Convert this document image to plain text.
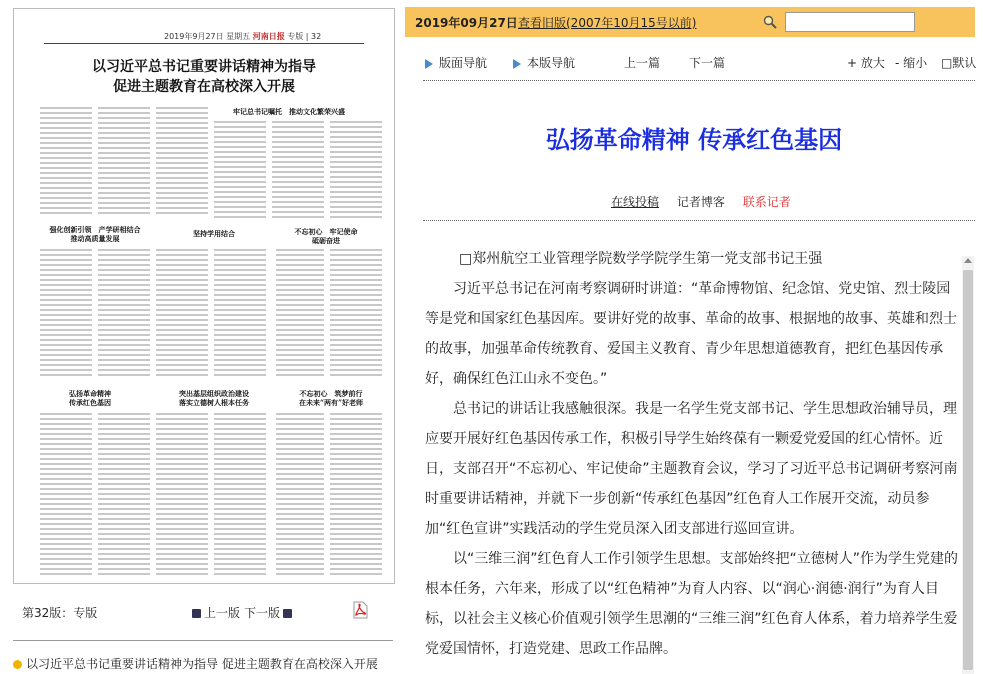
2019年9月27日 星期五 河南日报 专版 | 32
以习近平总书记重要讲话精神为指导
促进主题教育在高校深入开展
牢记总书记嘱托　推动文化繁荣兴盛
强化创新引领　产学研相结合
推动高质量发展
坚持学用结合	不忘初心　牢记使命
砥砺奋进
弘扬革命精神
传承红色基因
突出基层组织政治建设
落实立德树人根本任务
不忘初心　筑梦前行
在未来“两有”好老师
第32版：专版	上一版 下一版
以习近平总书记重要讲话精神为指导 促进主题教育在高校深入开展
2019年09月27日 查看旧版(2007年10月15号以前)
版面导航	本版导航	上一篇 下一篇	+ 放大 - 缩小 □默认
弘扬革命精神 传承红色基因
在线投稿 记者博客 联系记者

□郑州航空工业管理学院数学学院学生第一党支部书记王强

习近平总书记在河南考察调研时讲道：“革命博物馆、纪念馆、党史馆、烈士陵园等是党和国家红色基因库。要讲好党的故事、革命的故事、根据地的故事、英雄和烈士的故事，加强革命传统教育、爱国主义教育、青少年思想道德教育，把红色基因传承好，确保红色江山永不变色。”

总书记的讲话让我感触很深。我是一名学生党支部书记、学生思想政治辅导员，理应要开展好红色基因传承工作，积极引导学生始终葆有一颗爱党爱国的红心情怀。近日，支部召开“不忘初心、牢记使命”主题教育会议，学习了习近平总书记调研考察河南时重要讲话精神，并就下一步创新“传承红色基因”红色育人工作展开交流，动员参加“红色宣讲”实践活动的学生党员深入团支部进行巡回宣讲。

以“三维三润”红色育人工作引领学生思想。支部始终把“立德树人”作为学生党建的根本任务，六年来，形成了以“红色精神”为育人内容、以“润心·润德·润行”为育人目标，以社会主义核心价值观引领学生思潮的“三维三润”红色育人体系，着力培养学生爱党爱国情怀，打造党建、思政工作品牌。
